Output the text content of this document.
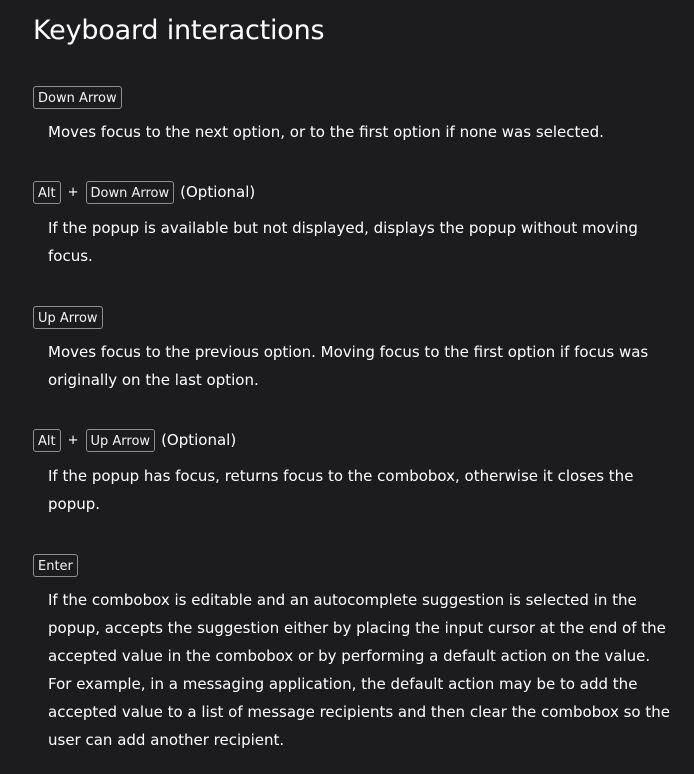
Keyboard interactions
Down Arrow

Moves focus to the next option, or to the first option if none was selected.

Alt + Down Arrow (Optional)

If the popup is available but not displayed, displays the popup without moving focus.

Up Arrow

Moves focus to the previous option. Moving focus to the first option if focus was originally on the last option.

Alt + Up Arrow (Optional)

If the popup has focus, returns focus to the combobox, otherwise it closes the popup.

Enter

If the combobox is editable and an autocomplete suggestion is selected in the popup, accepts the suggestion either by placing the input cursor at the end of the accepted value in the combobox or by performing a default action on the value. For example, in a messaging application, the default action may be to add the accepted value to a list of message recipients and then clear the combobox so the user can add another recipient.
